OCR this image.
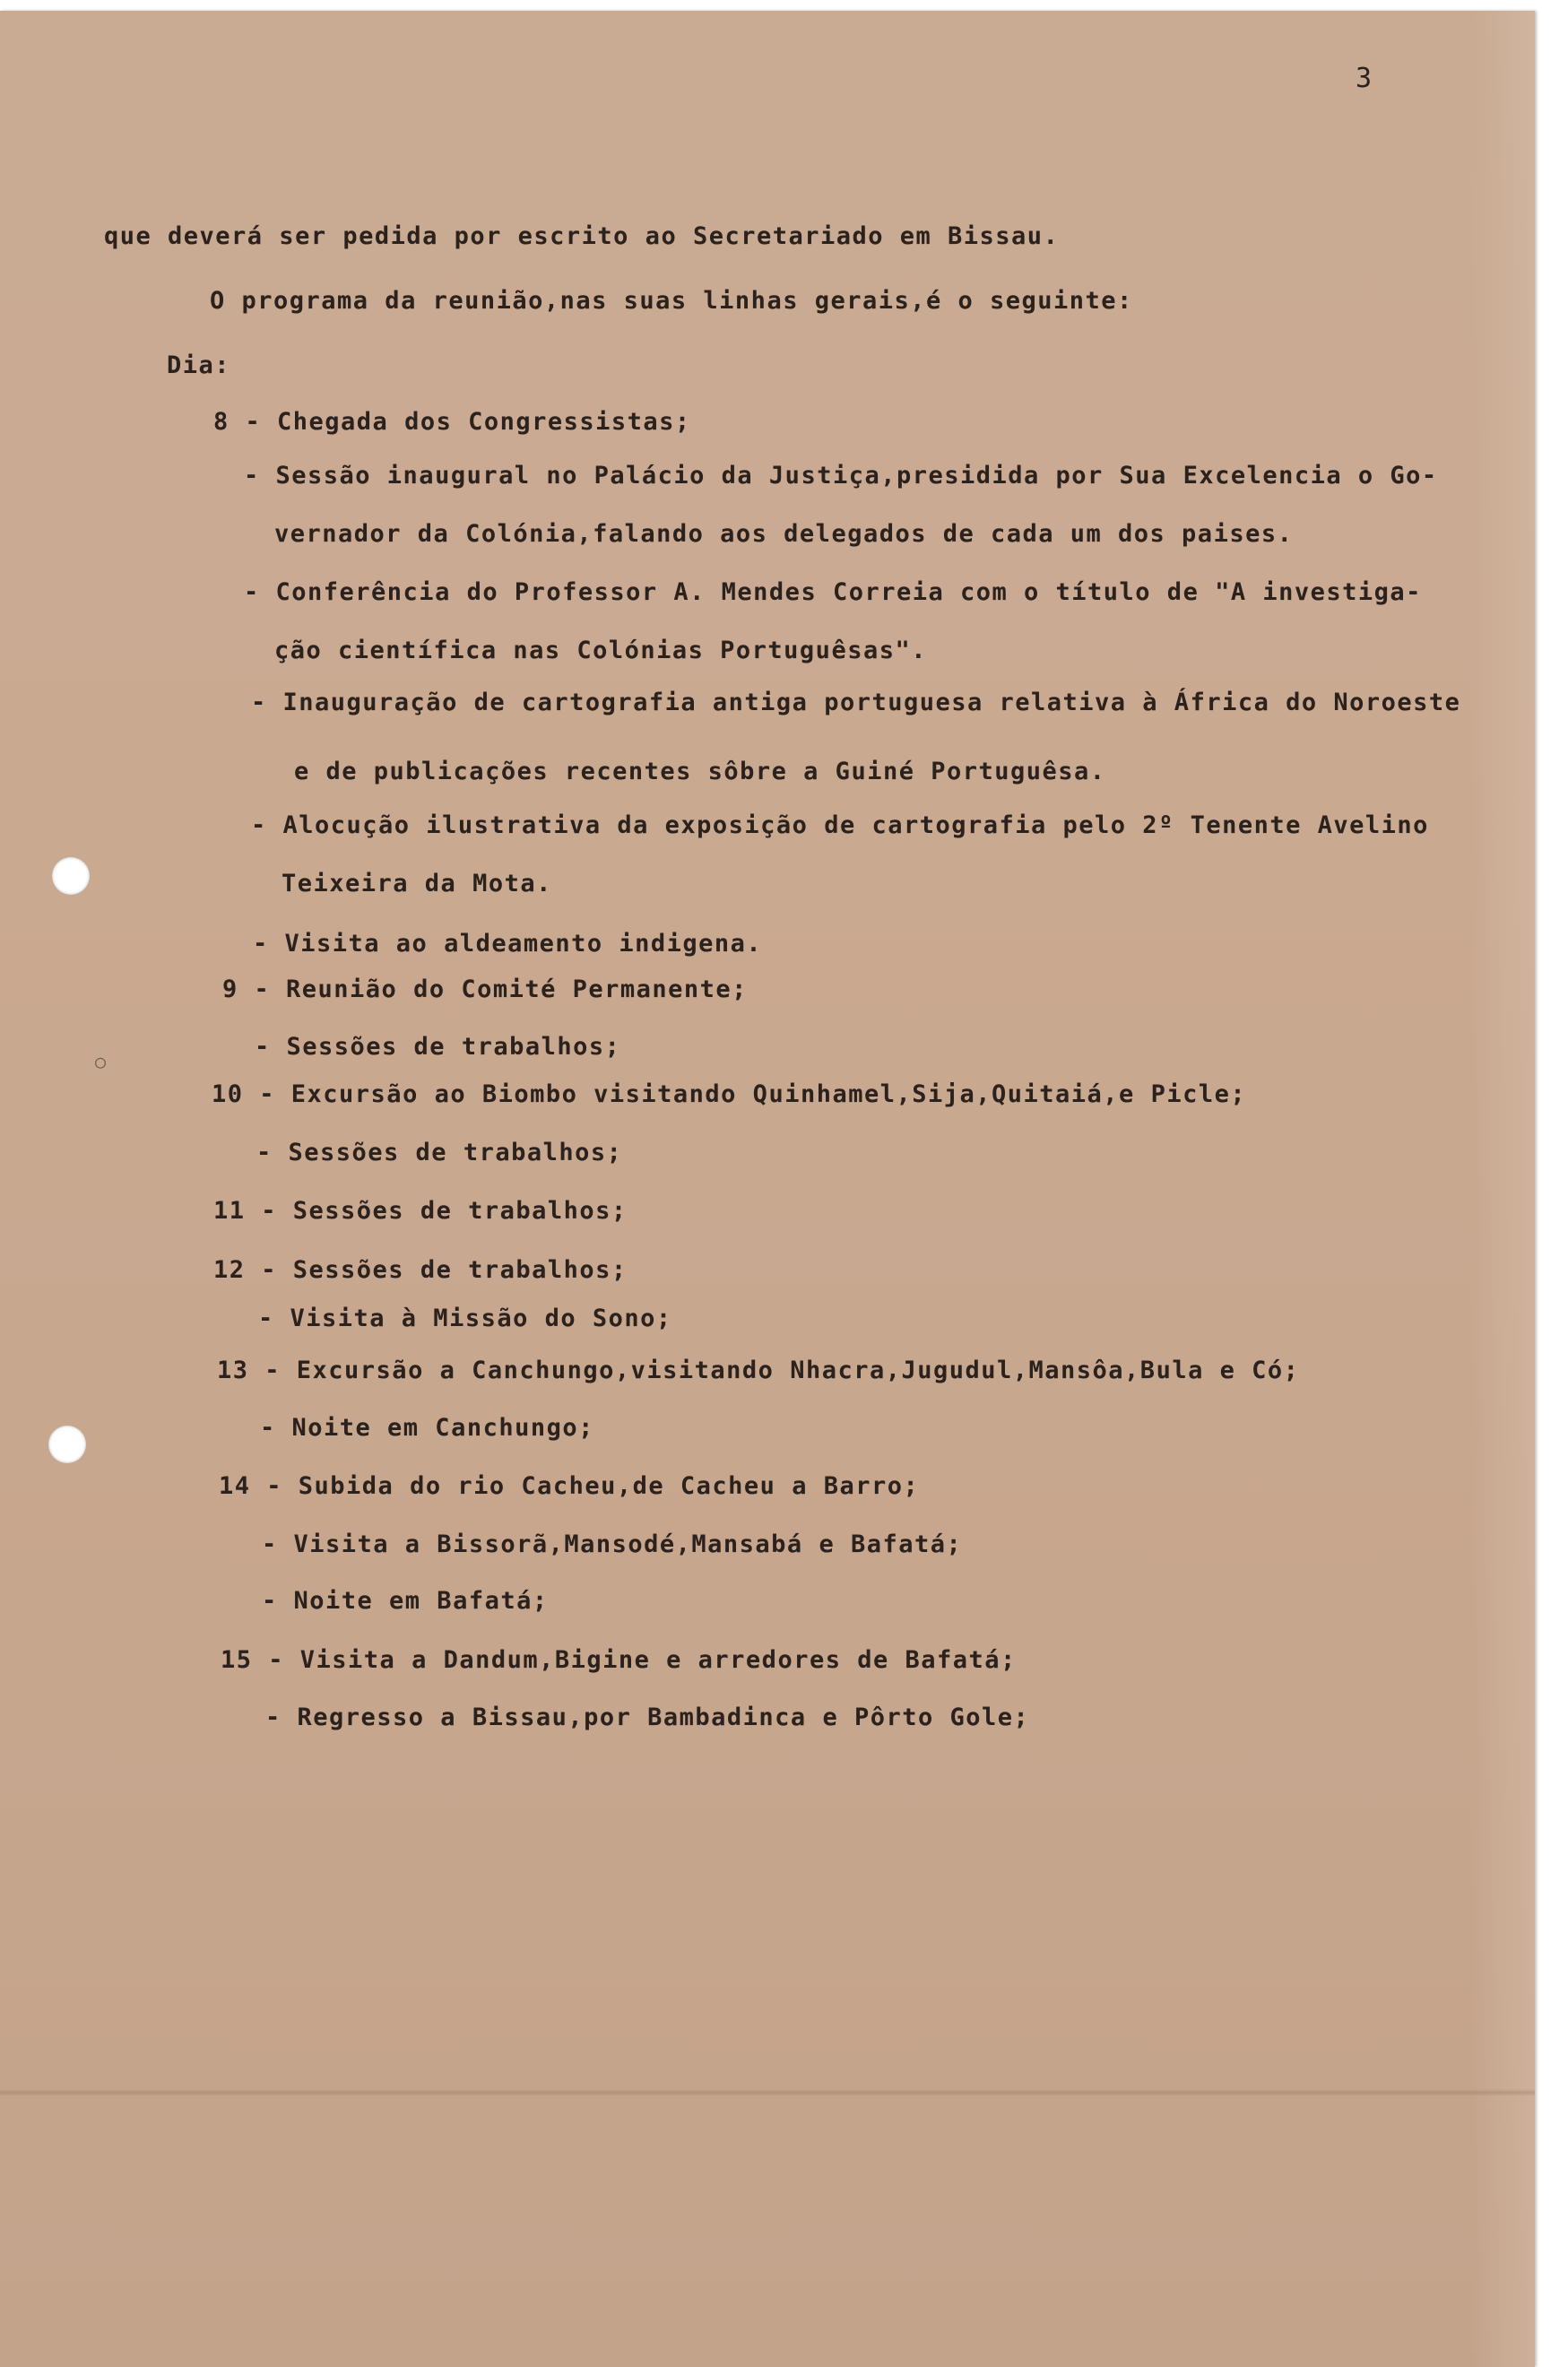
○
3
que deverá ser pedida por escrito ao Secretariado em Bissau.
O programa da reunião,nas suas linhas gerais,é o seguinte:
Dia:
8 - Chegada dos Congressistas;
- Sessão inaugural no Palácio da Justiça,presidida por Sua Excelencia o Go-
vernador da Colónia,falando aos delegados de cada um dos paises.
- Conferência do Professor A. Mendes Correia com o título de "A investiga-
ção científica nas Colónias Portuguêsas".
- Inauguração de cartografia antiga portuguesa relativa à África do Noroeste
e de publicações recentes sôbre a Guiné Portuguêsa.
- Alocução ilustrativa da exposição de cartografia pelo 2º Tenente Avelino
Teixeira da Mota.
- Visita ao aldeamento indigena.
9 - Reunião do Comité Permanente;
- Sessões de trabalhos;
10 - Excursão ao Biombo visitando Quinhamel,Sija,Quitaiá,e Picle;
- Sessões de trabalhos;
11 - Sessões de trabalhos;
12 - Sessões de trabalhos;
- Visita à Missão do Sono;
13 - Excursão a Canchungo,visitando Nhacra,Jugudul,Mansôa,Bula e Có;
- Noite em Canchungo;
14 - Subida do rio Cacheu,de Cacheu a Barro;
- Visita a Bissorã,Mansodé,Mansabá e Bafatá;
- Noite em Bafatá;
15 - Visita a Dandum,Bigine e arredores de Bafatá;
- Regresso a Bissau,por Bambadinca e Pôrto Gole;
